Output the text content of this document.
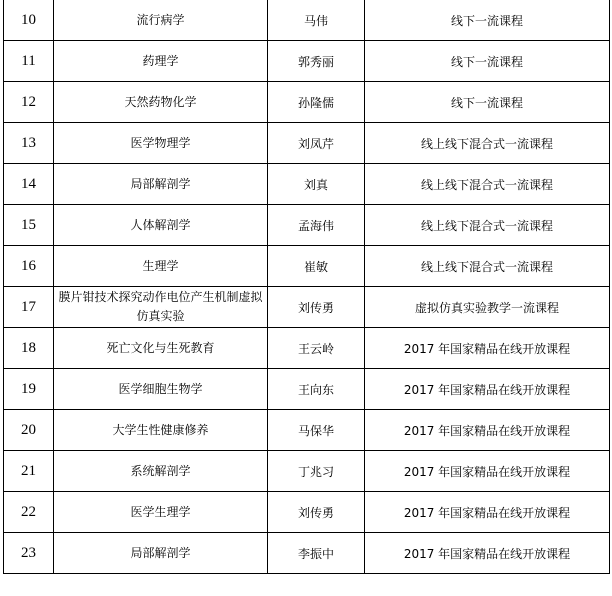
10	流行病学	马伟	线下一流课程
11	药理学	郭秀丽	线下一流课程
12	天然药物化学	孙隆儒	线下一流课程
13	医学物理学	刘凤芹	线上线下混合式一流课程
14	局部解剖学	刘真	线上线下混合式一流课程
15	人体解剖学	孟海伟	线上线下混合式一流课程
16	生理学	崔敏	线上线下混合式一流课程
17	膜片钳技术探究动作电位产生机制虚拟仿真实验	刘传勇	虚拟仿真实验教学一流课程
18	死亡文化与生死教育	王云岭	2017 年国家精品在线开放课程
19	医学细胞生物学	王向东	2017 年国家精品在线开放课程
20	大学生性健康修养	马保华	2017 年国家精品在线开放课程
21	系统解剖学	丁兆习	2017 年国家精品在线开放课程
22	医学生理学	刘传勇	2017 年国家精品在线开放课程
23	局部解剖学	李振中	2017 年国家精品在线开放课程
